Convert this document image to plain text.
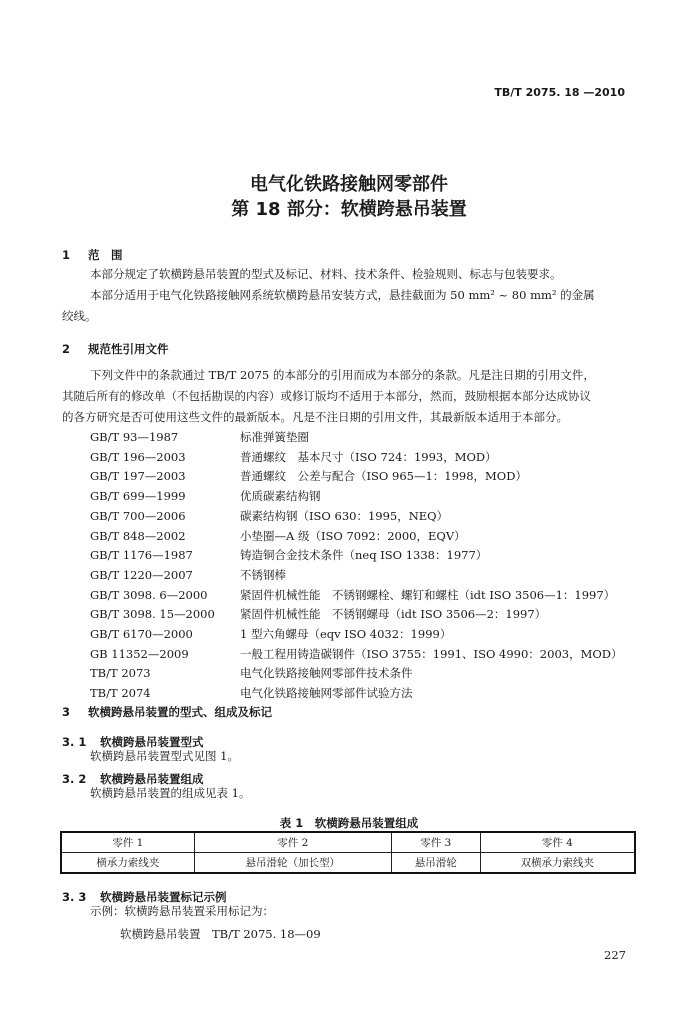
TB/T 2075. 18 —2010
电气化铁路接触网零部件
第 18 部分：软横跨悬吊装置
1 范　围
本部分规定了软横跨悬吊装置的型式及标记、材料、技术条件、检验规则、标志与包装要求。
本部分适用于电气化铁路接触网系统软横跨悬吊安装方式，悬挂截面为 50 mm² ~ 80 mm² 的金属
绞线。
2 规范性引用文件
下列文件中的条款通过 TB/T 2075 的本部分的引用而成为本部分的条款。凡是注日期的引用文件，
其随后所有的修改单（不包括勘误的内容）或修订版均不适用于本部分，然而，鼓励根据本部分达成协议
的各方研究是否可使用这些文件的最新版本。凡是不注日期的引用文件，其最新版本适用于本部分。
GB/T 93—1987	标准弹簧垫圈
GB/T 196—2003	普通螺纹　基本尺寸（ISO 724：1993，MOD）
GB/T 197—2003	普通螺纹　公差与配合（ISO 965—1：1998，MOD）
GB/T 699—1999	优质碳素结构钢
GB/T 700—2006	碳素结构钢（ISO 630：1995，NEQ）
GB/T 848—2002	小垫圈—A 级（ISO 7092：2000，EQV）
GB/T 1176—1987	铸造铜合金技术条件（neq ISO 1338：1977）
GB/T 1220—2007	不锈钢棒
GB/T 3098. 6—2000	紧固件机械性能　不锈钢螺栓、螺钉和螺柱（idt ISO 3506—1：1997）
GB/T 3098. 15—2000 紧固件机械性能　不锈钢螺母（idt ISO 3506—2：1997）
GB/T 6170—2000	1 型六角螺母（eqv ISO 4032：1999）
GB 11352—2009	一般工程用铸造碳钢件（ISO 3755：1991、ISO 4990：2003，MOD）
TB/T 2073	电气化铁路接触网零部件技术条件
TB/T 2074	电气化铁路接触网零部件试验方法
3 软横跨悬吊装置的型式、组成及标记
3. 1 软横跨悬吊装置型式
软横跨悬吊装置型式见图 1。
3. 2 软横跨悬吊装置组成
软横跨悬吊装置的组成见表 1。
表 1　软横跨悬吊装置组成
零件 1	零件 2	零件 3	零件 4
横承力索线夹	悬吊滑轮（加长型）	悬吊滑轮	双横承力索线夹
3. 3 软横跨悬吊装置标记示例
示例：软横跨悬吊装置采用标记为：
软横跨悬吊装置　TB/T 2075. 18—09
227
